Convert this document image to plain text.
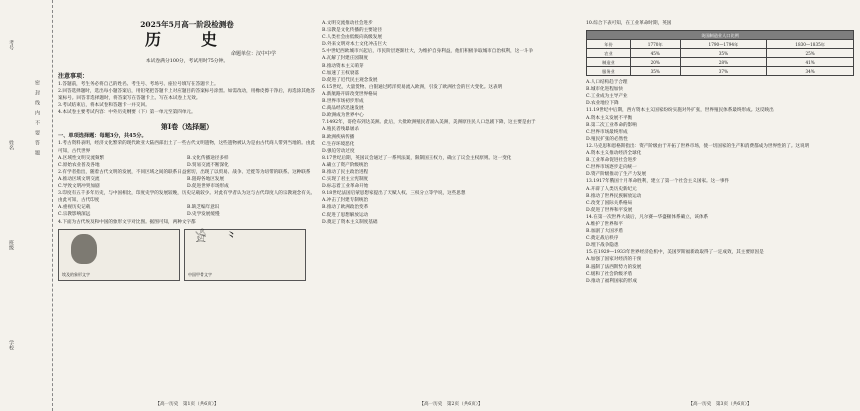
考号
姓名
班级
学校
密　封　线　内　不　要　答　题
2025年5月高一阶段检测卷
历　史
命题单位：汉中中学
本试卷满分100分，考试用时75分钟。
注意事项：

1.答题前，考生务必将自己的姓名、考生号、考场号、座位号填写在答题卡上。

2.回答选择题时，选出每小题答案后，用铅笔把答题卡上对应题目的答案标号涂黑。如需改动，用橡皮擦干净后，再选涂其他答案标号。回答非选择题时，将答案写在答题卡上。写在本试卷上无效。

3.考试结束后，将本试卷和答题卡一并交回。

4.本试卷主要考试内容：中外历史纲要（下）第一单元至第四单元。

第Ⅰ卷（选择题）
一、单项选择题：每题3分，共45分。

1.考古资料表明，经济文化繁荣的现代欧亚大陆西部出土了一些古代文明遗物，这些遗物被认为是由古代商人带到当地的。由此可知，古代世界

A.区域性文明交流频繁	B.文化传播途径多样
C.原始农业普及各地	D.贸易交流不断深化

2.有学者指出，随着古代文明的发展，不同区域之间的联系日益密切，出现了以贸易、战争、迁徙等为纽带的联系。这种联系

A.推动区域文明交流	B.阻碍各地区发展
C.导致文明冲突加剧	D.促进世界市场形成

3.印度有五千多年历史，与中国相比，印度史学的发展较晚，历史记载较少。对此有学者认为这与古代印度人的宗教观念有关。由此可知，古代印度

A.重视历史记载	B.缺乏编年意识
C.宗教影响深远	D.史学发展缓慢

4.下面为古代埃及和中国的象形文字对比图。据图可知，两种文字都

埃及的象形文字
𓀀 ⺀
中国甲骨文字
【高一历史　第1页（共6页）】

A.文明交流推动社会进步

B.宗教是文化传播的主要途径

C.人类社会由低级向高级发展

D.外来文明对本土文化冲击巨大

5.中世纪西欧城市兴起后，市民阶层逐渐壮大，为维护自身利益，他们积极争取城市自治权利，这一斗争

A.瓦解了封建庄园制度

B.推动资本主义萌芽

C.加速了王权衰落

D.促进了近代民主观念发展

6.15世纪，大量货物、白银通过跨洋贸易流入欧洲，引发了欧洲社会的巨大变化。这表明

A.新航路开辟改变世界格局

B.世界市场初步形成

C.商品经济迅速发展

D.欧洲成为世界中心

7.1492年，哥伦布到达美洲。此后，大批欧洲殖民者涌入美洲，美洲原住民人口急剧下降，这主要是由于

A.殖民者残暴屠杀

B.欧洲疾病传播

C.生存环境恶化

D.强迫劳动过度

8.17世纪后期，英国议会通过了一系列法案，限制国王权力，确立了议会主权原则。这一变化

A.确立了资产阶级统治

B.推动了民主政治进程

C.实现了君主立宪制度

D.标志着工业革命开始

9.18世纪法国启蒙思想家提出了天赋人权、三权分立等学说，这些思想

A.冲击了封建专制统治

B.推动了欧洲政治变革

C.促进了思想解放运动

D.奠定了资本主义制度基础

【高一历史　第2页（共6页）】

10.综合下表可知，在工业革命时期，英国

英国制造业人口比例			
年份	1770年	1790—1794年	1830—1835年
农业	45%	35%	25%
制造业	20%	28%	41%
服务业	35%	37%	34%

A.人口结构趋于合理

B.城市化进程加快

C.工业成为主导产业

D.农业地位下降

11.19世纪中后期，西方资本主义国家纷纷实施对外扩张，世界殖民体系最终形成。这反映出

A.资本主义发展不平衡

B.第二次工业革命的影响

C.世界市场最终形成

D.殖民扩张的必然性

12.马克思和恩格斯指出：资产阶级由于开拓了世界市场，使一切国家的生产和消费都成为世界性的了。这说明

A.资本主义推动经济全球化

B.工业革命促进社会进步

C.世界市场逐步走向统一

D.资产阶级推动了生产力发展

13.1917年俄国十月革命胜利，建立了第一个社会主义国家。这一事件

A.开辟了人类历史新纪元

B.推动了世界民族解放运动

C.改变了国际关系格局

D.促进了世界和平发展

14.在第一次世界大战后，凡尔赛—华盛顿体系确立，该体系

A.维护了世界和平

B.加剧了大国矛盾

C.奠定战后秩序

D.埋下战争隐患

15.在1929—1933年世界经济危机中，美国罗斯福新政取得了一定成效，其主要原因是

A.加强了国家对经济的干预

B.遏制了法西斯势力的发展

C.缓和了社会阶级矛盾

D.推动了福利国家的形成

【高一历史　第3页（共6页）】
